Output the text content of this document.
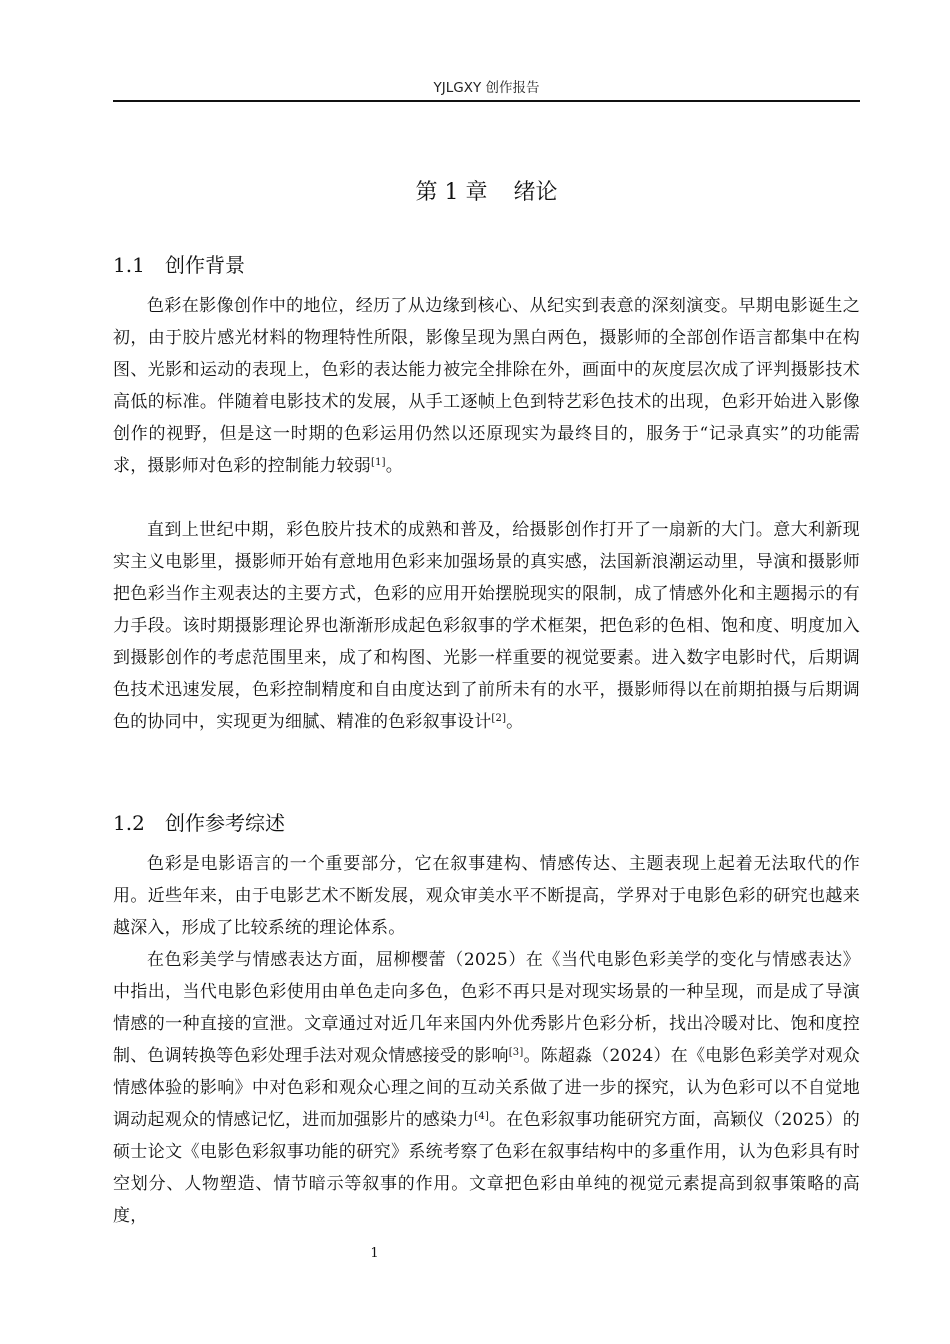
YJLGXY 创作报告
第 1 章 绪论
1.1 创作背景

色彩在影像创作中的地位，经历了从边缘到核心、从纪实到表意的深刻演变。早期电影诞生之初，由于胶片感光材料的物理特性所限，影像呈现为黑白两色，摄影师的全部创作语言都集中在构图、光影和运动的表现上，色彩的表达能力被完全排除在外，画面中的灰度层次成了评判摄影技术高低的标准。伴随着电影技术的发展，从手工逐帧上色到特艺彩色技术的出现，色彩开始进入影像创作的视野，但是这一时期的色彩运用仍然以还原现实为最终目的，服务于“记录真实”的功能需求，摄影师对色彩的控制能力较弱[1]。

直到上世纪中期，彩色胶片技术的成熟和普及，给摄影创作打开了一扇新的大门。意大利新现实主义电影里，摄影师开始有意地用色彩来加强场景的真实感，法国新浪潮运动里，导演和摄影师把色彩当作主观表达的主要方式，色彩的应用开始摆脱现实的限制，成了情感外化和主题揭示的有力手段。该时期摄影理论界也渐渐形成起色彩叙事的学术框架，把色彩的色相、饱和度、明度加入到摄影创作的考虑范围里来，成了和构图、光影一样重要的视觉要素。进入数字电影时代，后期调色技术迅速发展，色彩控制精度和自由度达到了前所未有的水平，摄影师得以在前期拍摄与后期调色的协同中，实现更为细腻、精准的色彩叙事设计[2]。

1.2 创作参考综述

色彩是电影语言的一个重要部分，它在叙事建构、情感传达、主题表现上起着无法取代的作用。近些年来，由于电影艺术不断发展，观众审美水平不断提高，学界对于电影色彩的研究也越来越深入，形成了比较系统的理论体系。

在色彩美学与情感表达方面，屈柳樱蕾（2025）在《当代电影色彩美学的变化与情感表达》中指出，当代电影色彩使用由单色走向多色，色彩不再只是对现实场景的一种呈现，而是成了导演情感的一种直接的宣泄。文章通过对近几年来国内外优秀影片色彩分析，找出冷暖对比、饱和度控制、色调转换等色彩处理手法对观众情感接受的影响[3]。陈超淼（2024）在《电影色彩美学对观众情感体验的影响》中对色彩和观众心理之间的互动关系做了进一步的探究，认为色彩可以不自觉地调动起观众的情感记忆，进而加强影片的感染力[4]。在色彩叙事功能研究方面，高颖仪（2025）的硕士论文《电影色彩叙事功能的研究》系统考察了色彩在叙事结构中的多重作用，认为色彩具有时空划分、人物塑造、情节暗示等叙事的作用。文章把色彩由单纯的视觉元素提高到叙事策略的高度，

1
